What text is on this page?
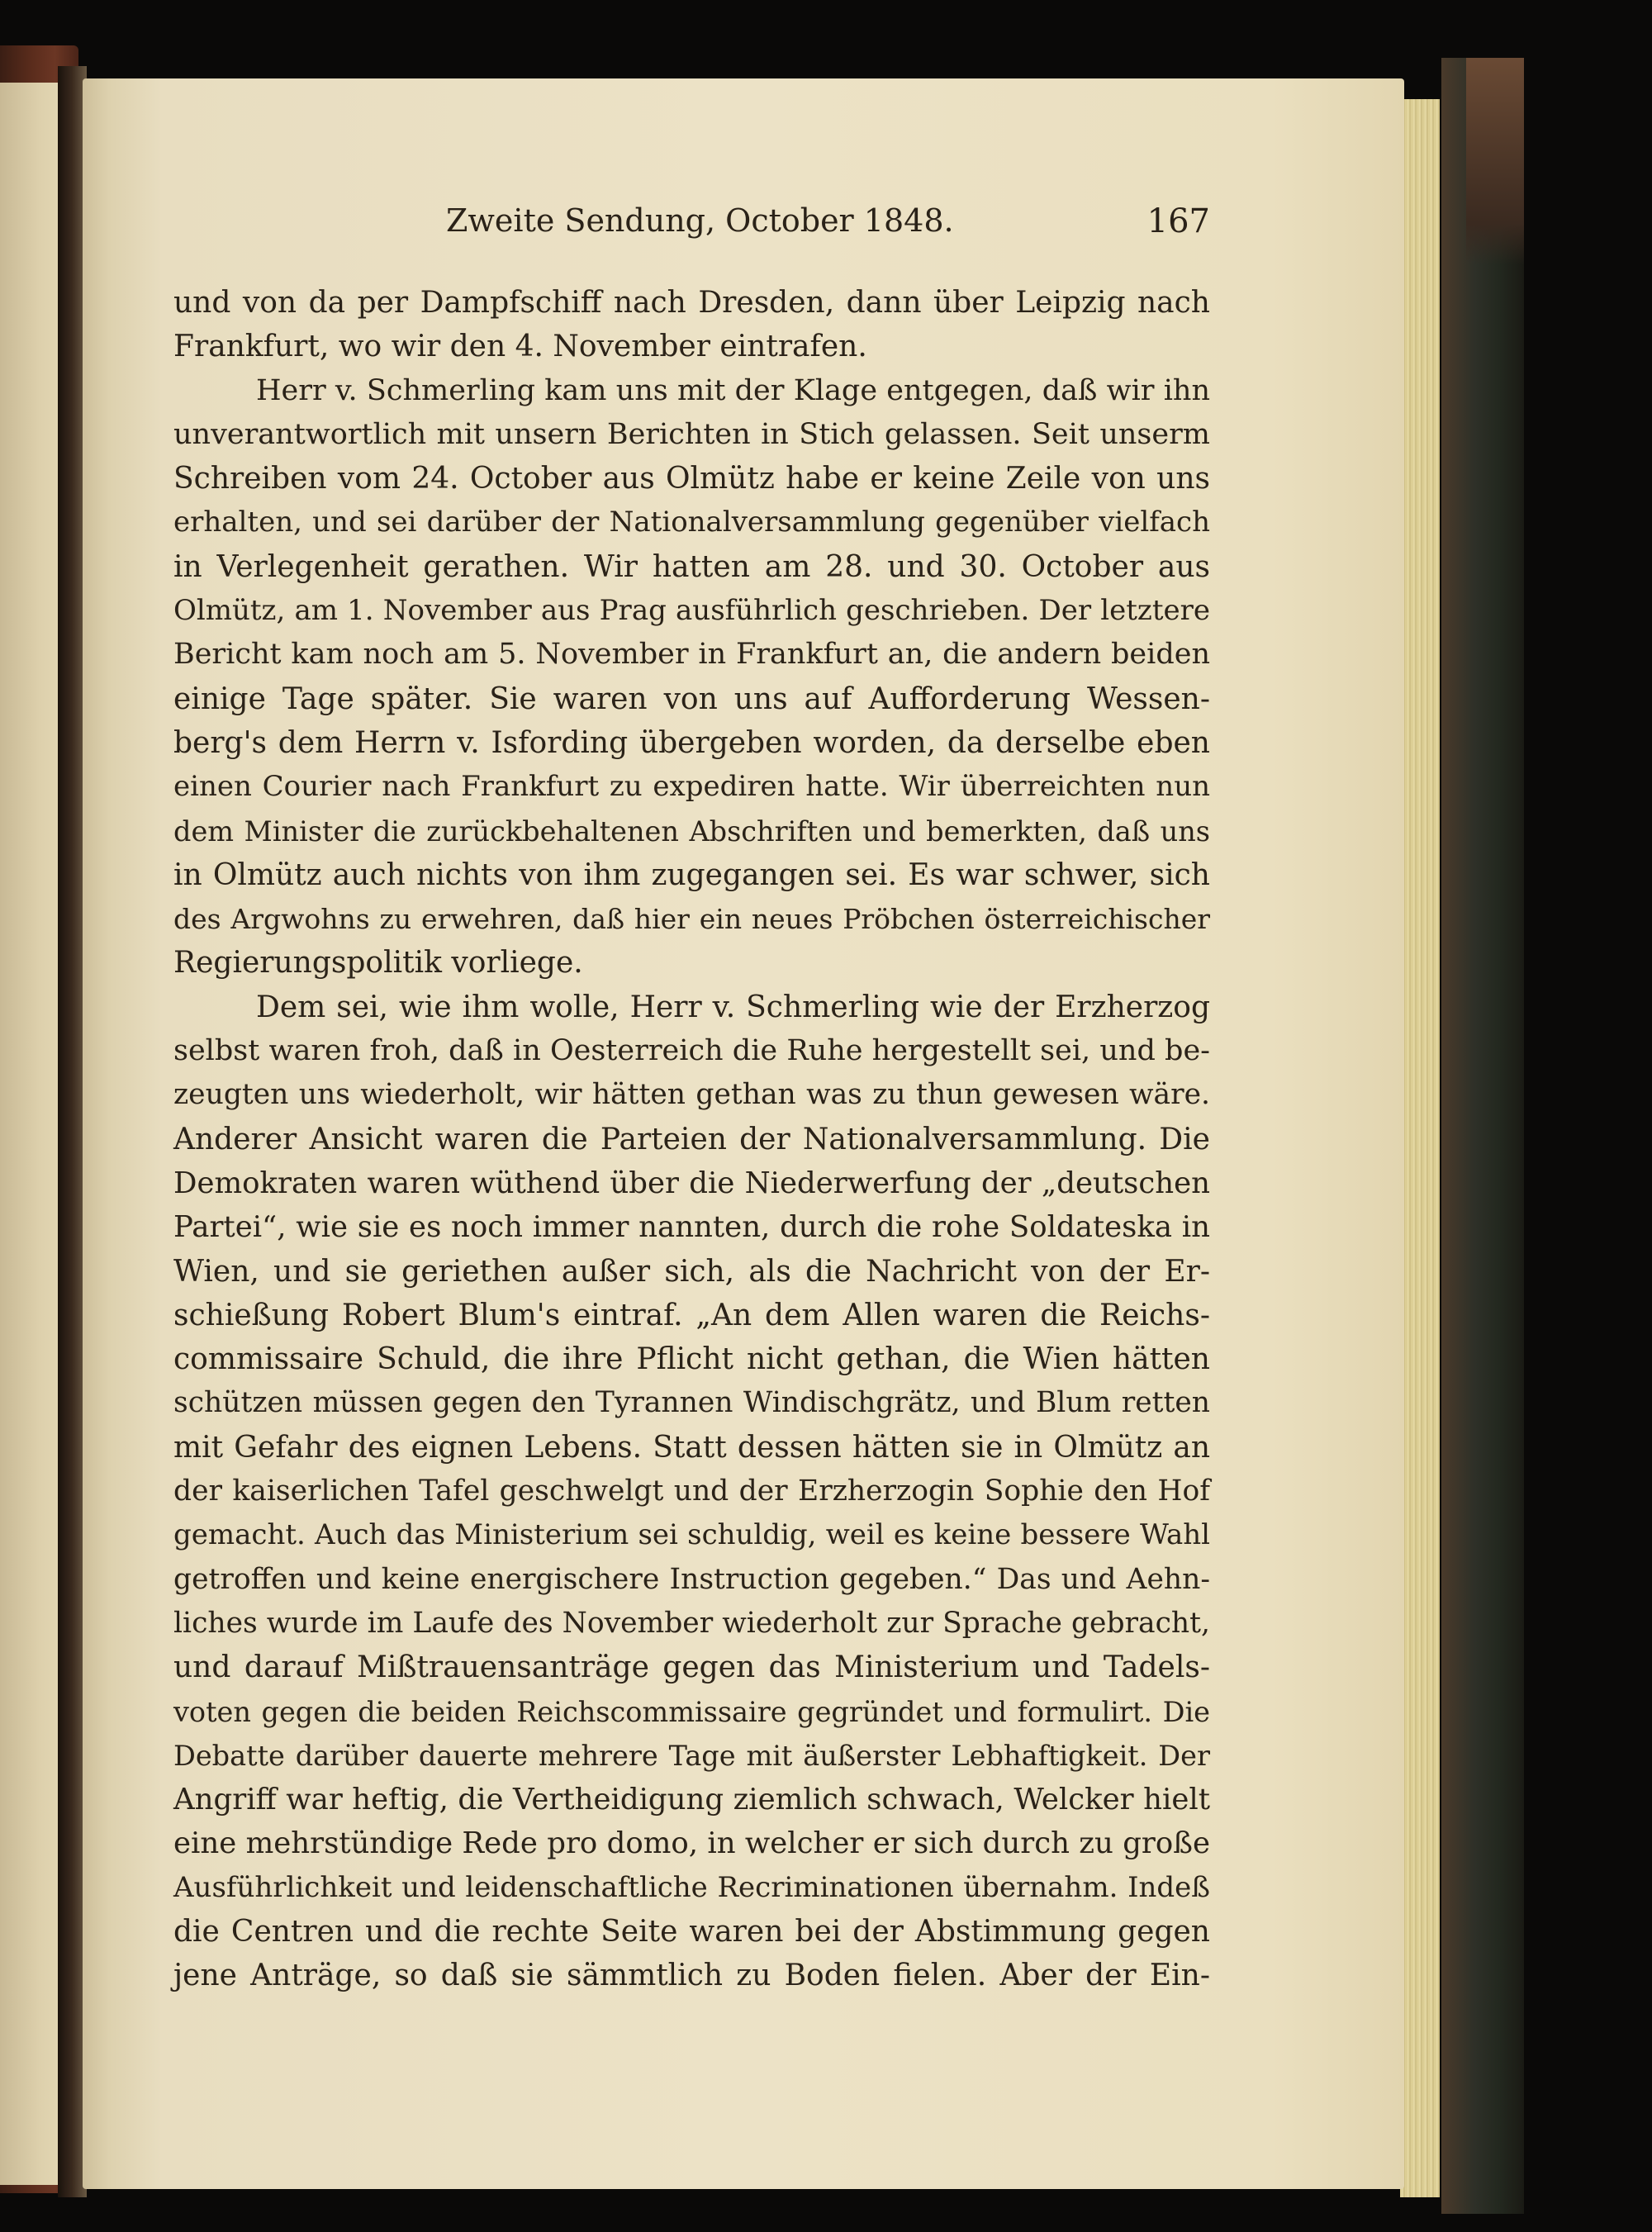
Zweite Sendung, October 1848.	167
und von da per Dampfschiff nach Dresden, dann über Leipzig nach
Frankfurt, wo wir den 4. November eintrafen.
Herr v. Schmerling kam uns mit der Klage entgegen, daß wir ihn
unverantwortlich mit unsern Berichten in Stich gelassen. Seit unserm
Schreiben vom 24. October aus Olmütz habe er keine Zeile von uns
erhalten, und sei darüber der Nationalversammlung gegenüber vielfach
in Verlegenheit gerathen. Wir hatten am 28. und 30. October aus
Olmütz, am 1. November aus Prag ausführlich geschrieben. Der letztere
Bericht kam noch am 5. November in Frankfurt an, die andern beiden
einige Tage später. Sie waren von uns auf Aufforderung Wessen-
berg's dem Herrn v. Isfording übergeben worden, da derselbe eben
einen Courier nach Frankfurt zu expediren hatte. Wir überreichten nun
dem Minister die zurückbehaltenen Abschriften und bemerkten, daß uns
in Olmütz auch nichts von ihm zugegangen sei. Es war schwer, sich
des Argwohns zu erwehren, daß hier ein neues Pröbchen österreichischer
Regierungspolitik vorliege.
Dem sei, wie ihm wolle, Herr v. Schmerling wie der Erzherzog
selbst waren froh, daß in Oesterreich die Ruhe hergestellt sei, und be-
zeugten uns wiederholt, wir hätten gethan was zu thun gewesen wäre.
Anderer Ansicht waren die Parteien der Nationalversammlung. Die
Demokraten waren wüthend über die Niederwerfung der „deutschen
Partei“, wie sie es noch immer nannten, durch die rohe Soldateska in
Wien, und sie geriethen außer sich, als die Nachricht von der Er-
schießung Robert Blum's eintraf. „An dem Allen waren die Reichs-
commissaire Schuld, die ihre Pflicht nicht gethan, die Wien hätten
schützen müssen gegen den Tyrannen Windischgrätz, und Blum retten
mit Gefahr des eignen Lebens. Statt dessen hätten sie in Olmütz an
der kaiserlichen Tafel geschwelgt und der Erzherzogin Sophie den Hof
gemacht. Auch das Ministerium sei schuldig, weil es keine bessere Wahl
getroffen und keine energischere Instruction gegeben.“ Das und Aehn-
liches wurde im Laufe des November wiederholt zur Sprache gebracht,
und darauf Mißtrauensanträge gegen das Ministerium und Tadels-
voten gegen die beiden Reichscommissaire gegründet und formulirt. Die
Debatte darüber dauerte mehrere Tage mit äußerster Lebhaftigkeit. Der
Angriff war heftig, die Vertheidigung ziemlich schwach, Welcker hielt
eine mehrstündige Rede pro domo, in welcher er sich durch zu große
Ausführlichkeit und leidenschaftliche Recriminationen übernahm. Indeß
die Centren und die rechte Seite waren bei der Abstimmung gegen
jene Anträge, so daß sie sämmtlich zu Boden fielen. Aber der Ein-
